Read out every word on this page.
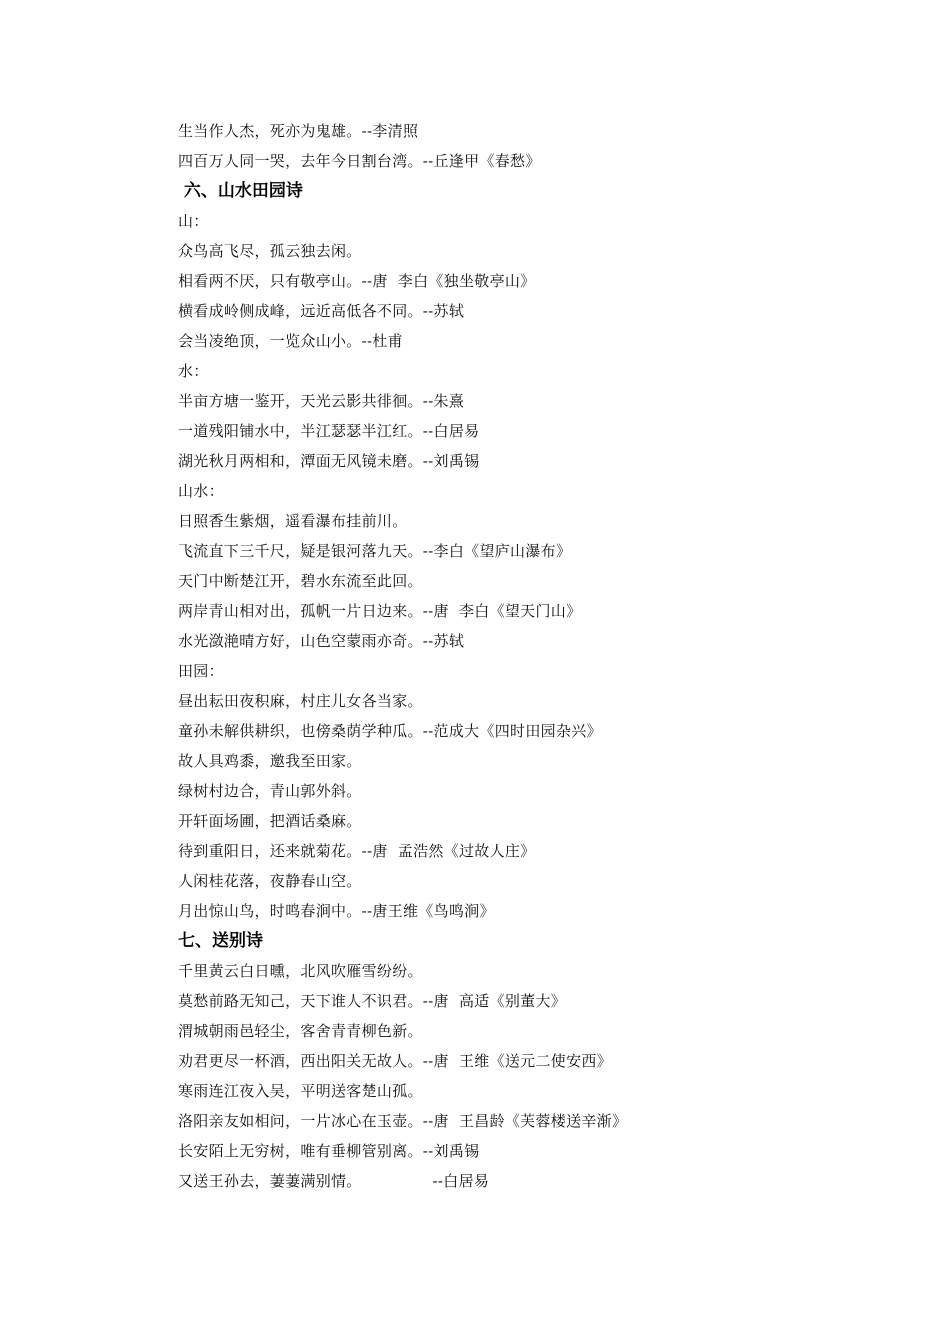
生当作人杰，死亦为鬼雄。--李清照
四百万人同一哭，去年今日割台湾。--丘逢甲《春愁》
六、山水田园诗
山：
众鸟高飞尽，孤云独去闲。
相看两不厌，只有敬亭山。--唐  李白《独坐敬亭山》
横看成岭侧成峰，远近高低各不同。--苏轼
会当凌绝顶，一览众山小。--杜甫
水：
半亩方塘一鉴开，天光云影共徘徊。--朱熹
一道残阳铺水中，半江瑟瑟半江红。--白居易
湖光秋月两相和，潭面无风镜未磨。--刘禹锡
山水：
日照香生紫烟，遥看瀑布挂前川。
飞流直下三千尺，疑是银河落九天。--李白《望庐山瀑布》
天门中断楚江开，碧水东流至此回。
两岸青山相对出，孤帆一片日边来。--唐  李白《望天门山》
水光潋滟晴方好，山色空蒙雨亦奇。--苏轼
田园：
昼出耘田夜积麻，村庄儿女各当家。
童孙未解供耕织，也傍桑荫学种瓜。--范成大《四时田园杂兴》
故人具鸡黍，邀我至田家。
绿树村边合，青山郭外斜。
开轩面场圃，把酒话桑麻。
待到重阳日，还来就菊花。--唐  孟浩然《过故人庄》
人闲桂花落，夜静春山空。
月出惊山鸟，时鸣春涧中。--唐王维《鸟鸣涧》
七、送别诗
千里黄云白日曛，北风吹雁雪纷纷。
莫愁前路无知己，天下谁人不识君。--唐  高适《别董大》
渭城朝雨邑轻尘，客舍青青柳色新。
劝君更尽一杯酒，西出阳关无故人。--唐  王维《送元二使安西》
寒雨连江夜入吴，平明送客楚山孤。
洛阳亲友如相问，一片冰心在玉壶。--唐  王昌龄《芙蓉楼送辛渐》
长安陌上无穷树，唯有垂柳管别离。--刘禹锡
又送王孙去，萋萋满别情。              --白居易
